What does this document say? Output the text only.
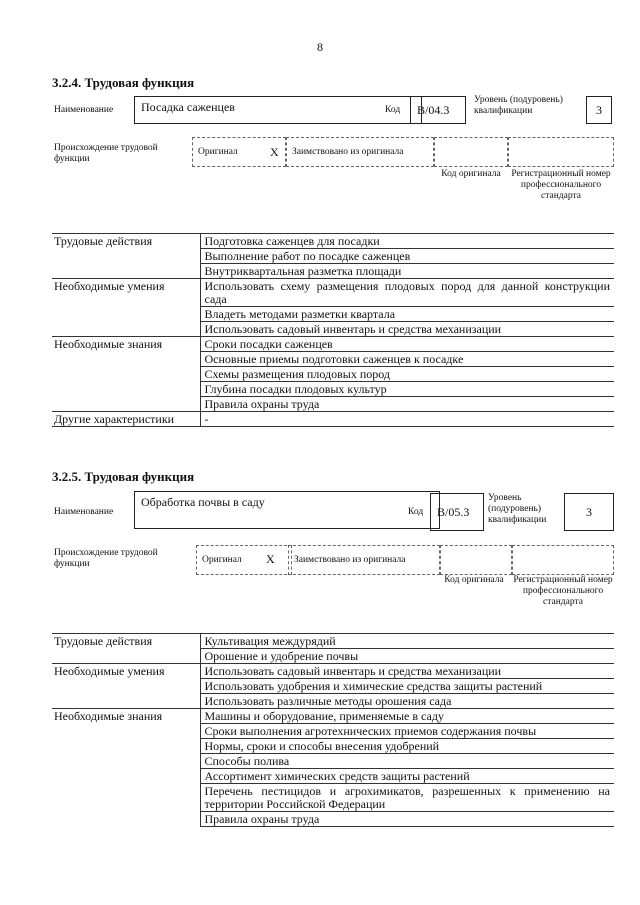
8
3.2.4. Трудовая функция
Наименование	Посадка саженцев	Код	В/04.3
Уровень (подуровень) квалификации	3
Происхождение трудовой функции
Оригинал	X Заимствовано из оригинала
Код оригинала	Регистрационный номер профессионального стандарта
Трудовые действия	Подготовка саженцев для посадки
	Выполнение работ по посадке саженцев
	Внутриквартальная разметка площади
Необходимые умения	Использовать схему размещения плодовых пород для данной конструкции сада
	Владеть методами разметки квартала
	Использовать садовый инвентарь и средства механизации
Необходимые знания	Сроки посадки саженцев
	Основные приемы подготовки саженцев к посадке
	Схемы размещения плодовых пород
	Глубина посадки плодовых культур
	Правила охраны труда
Другие характеристики	-
3.2.5. Трудовая функция
Наименование
Обработка почвы в саду
Код	В/05.3
Уровень (подуровень) квалификации
3
Происхождение трудовой функции	Оригинал X Заимствовано из оригинала
Код оригинала	Регистрационный номер профессионального стандарта
Трудовые действия	Культивация междурядий
	Орошение и удобрение почвы
Необходимые умения	Использовать садовый инвентарь и средства механизации
	Использовать удобрения и химические средства защиты растений
	Использовать различные методы орошения сада
Необходимые знания	Машины и оборудование, применяемые в саду
	Сроки выполнения агротехнических приемов содержания почвы
	Нормы, сроки и способы внесения удобрений
	Способы полива
	Ассортимент химических средств защиты растений
	Перечень пестицидов и агрохимикатов, разрешенных к применению на территории Российской Федерации
	Правила охраны труда
